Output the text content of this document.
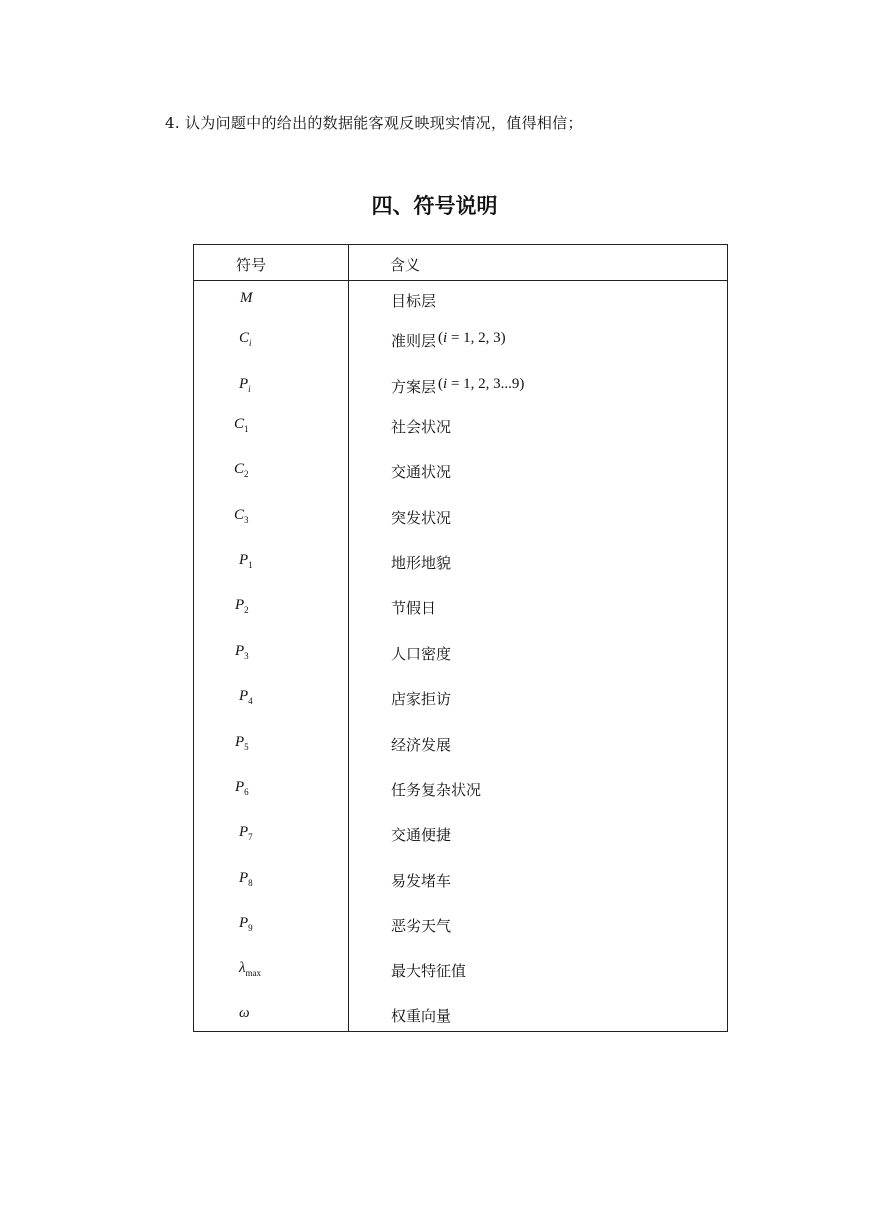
4. 认为问题中的给出的数据能客观反映现实情况，值得相信；
四、符号说明
符号	含义
M	目标层
$C_i$	准则层 (i = 1, 2, 3)
$P_i$	方案层 (i = 1, 2, 3...9)
$C_1$	社会状况
$C_2$	交通状况
$C_3$	突发状况
$P_1$	地形地貌
$P_2$	节假日
$P_3$	人口密度
$P_4$	店家拒访
$P_5$	经济发展
$P_6$	任务复杂状况
$P_7$	交通便捷
$P_8$	易发堵车
$P_9$	恶劣天气
$\lambda_{max}$	最大特征值
ω	权重向量
